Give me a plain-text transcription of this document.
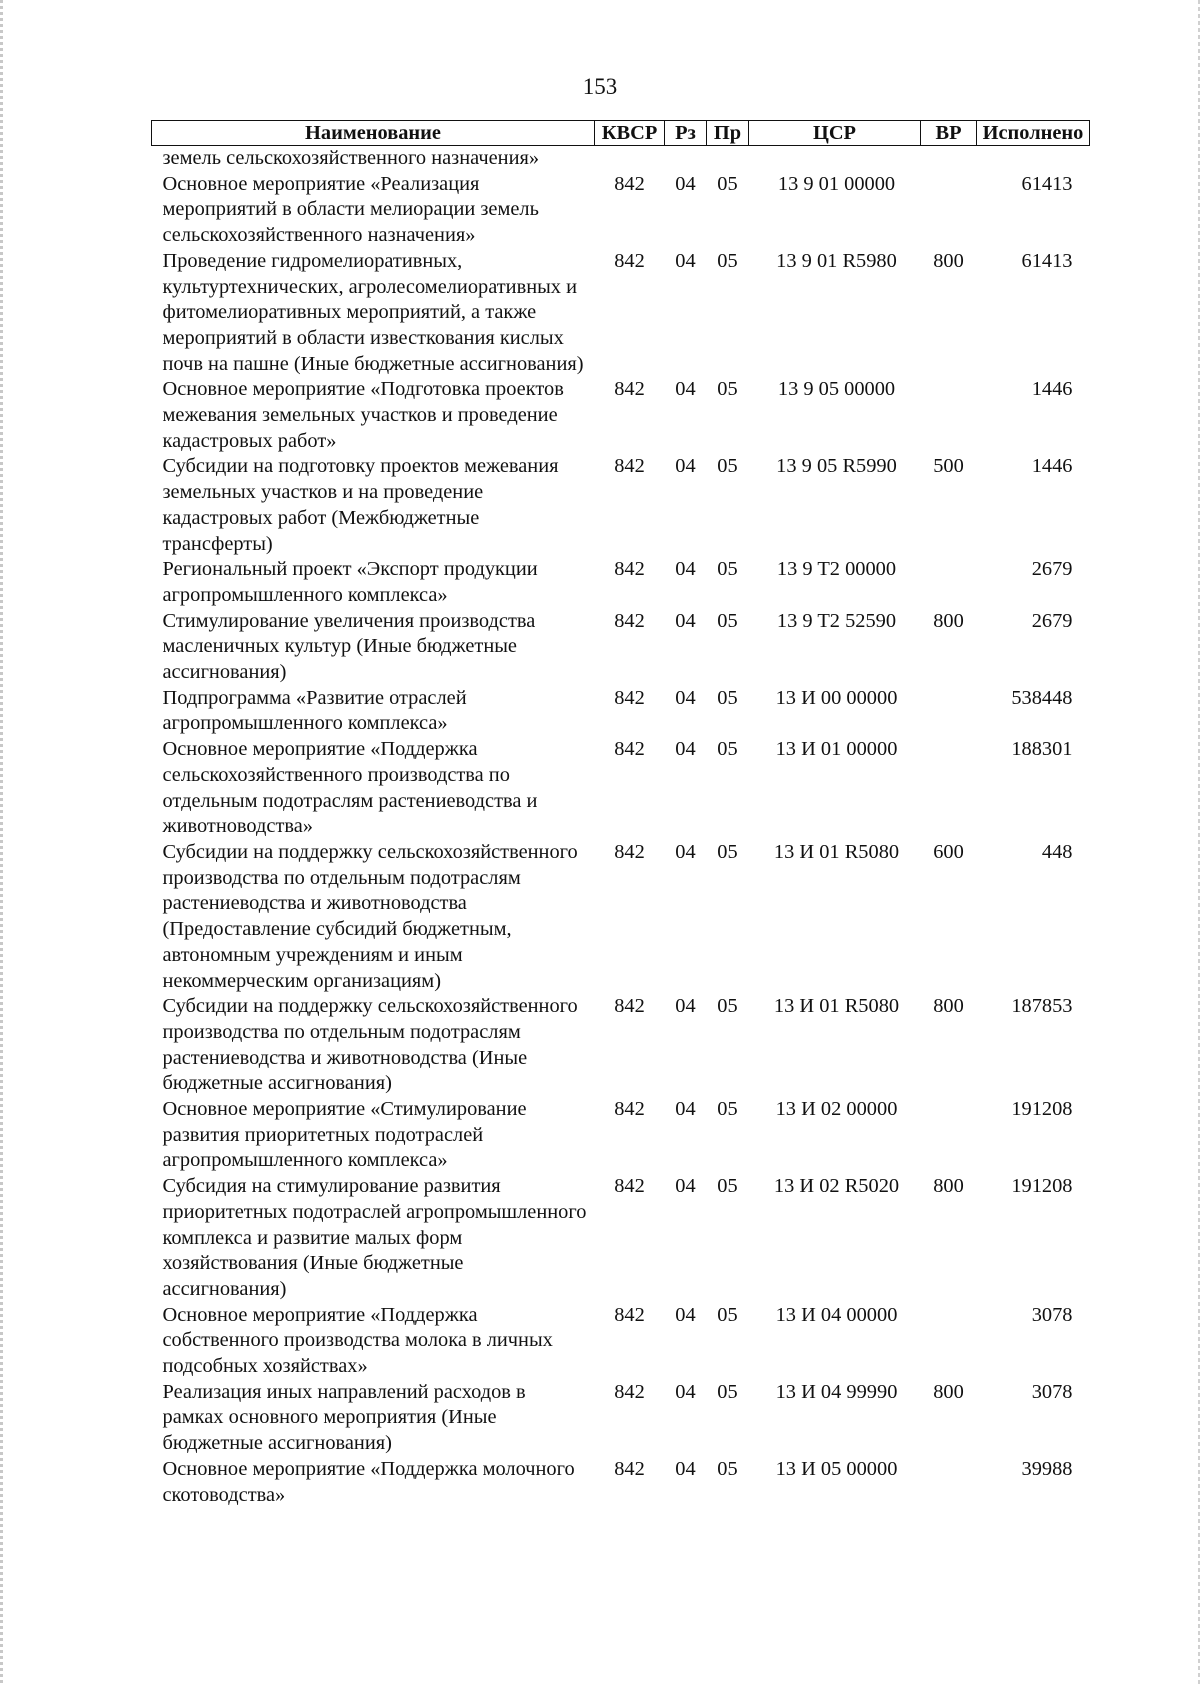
153
Наименование	КВСР	Рз	Пр	ЦСР	ВР	Исполнено
земель сельскохозяйственного назначения»						
Основное мероприятие «Реализация мероприятий в области мелиорации земель сельскохозяйственного назначения»	842	04	05	13 9 01 00000		61413
Проведение гидромелиоративных, культуртехнических, агролесомелиоративных и фитомелиоративных мероприятий, а также мероприятий в области известкования кислых почв на пашне (Иные бюджетные ассигнования)	842	04	05	13 9 01 R5980	800	61413
Основное мероприятие «Подготовка проектов межевания земельных участков и проведение кадастровых работ»	842	04	05	13 9 05 00000		1446
Субсидии на подготовку проектов межевания земельных участков и на проведение кадастровых работ (Межбюджетные трансферты)	842	04	05	13 9 05 R5990	500	1446
Региональный проект «Экспорт продукции агропромышленного комплекса»	842	04	05	13 9 T2 00000		2679
Стимулирование увеличения производства масленичных культур (Иные бюджетные ассигнования)	842	04	05	13 9 T2 52590	800	2679
Подпрограмма «Развитие отраслей агропромышленного комплекса»	842	04	05	13 И 00 00000		538448
Основное мероприятие «Поддержка сельскохозяйственного производства по отдельным подотраслям растениеводства и животноводства»	842	04	05	13 И 01 00000		188301
Субсидии на поддержку сельскохозяйственного производства по отдельным подотраслям растениеводства и животноводства (Предоставление субсидий бюджетным, автономным учреждениям и иным некоммерческим организациям)	842	04	05	13 И 01 R5080	600	448
Субсидии на поддержку сельскохозяйственного производства по отдельным подотраслям растениеводства и животноводства (Иные бюджетные ассигнования)	842	04	05	13 И 01 R5080	800	187853
Основное мероприятие «Стимулирование развития приоритетных подотраслей агропромышленного комплекса»	842	04	05	13 И 02 00000		191208
Субсидия на стимулирование развития приоритетных подотраслей агропромышленного комплекса и развитие малых форм хозяйствования (Иные бюджетные ассигнования)	842	04	05	13 И 02 R5020	800	191208
Основное мероприятие «Поддержка собственного производства молока в личных подсобных хозяйствах»	842	04	05	13 И 04 00000		3078
Реализация иных направлений расходов в рамках основного мероприятия (Иные бюджетные ассигнования)	842	04	05	13 И 04 99990	800	3078
Основное мероприятие «Поддержка молочного скотоводства»	842	04	05	13 И 05 00000		39988
